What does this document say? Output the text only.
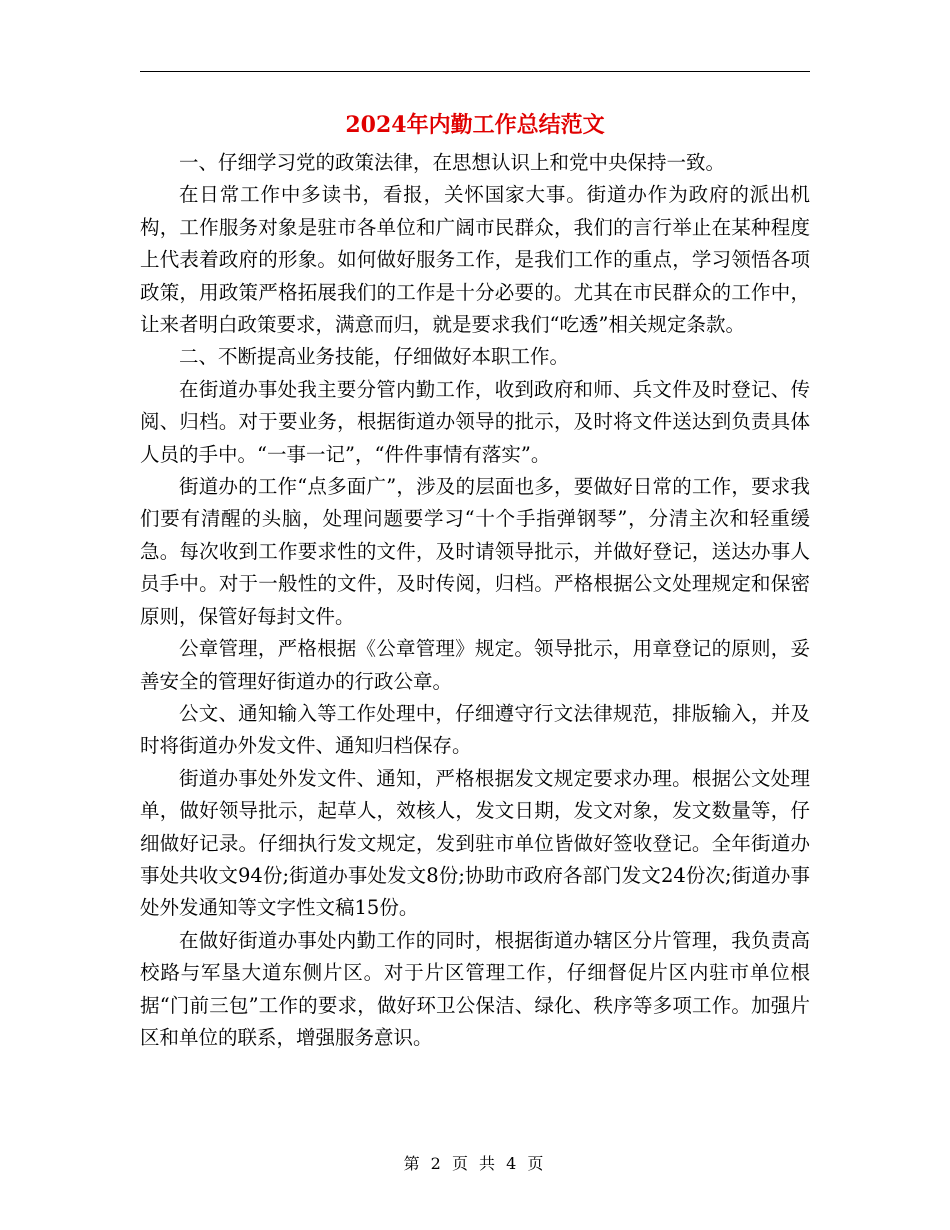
2024年内勤工作总结范文

一、仔细学习党的政策法律，在思想认识上和党中央保持一致。

在日常工作中多读书，看报，关怀国家大事。街道办作为政府的派出机构，工作服务对象是驻市各单位和广阔市民群众，我们的言行举止在某种程度上代表着政府的形象。如何做好服务工作，是我们工作的重点，学习领悟各项政策，用政策严格拓展我们的工作是十分必要的。尤其在市民群众的工作中，让来者明白政策要求，满意而归，就是要求我们“吃透”相关规定条款。

二、不断提高业务技能，仔细做好本职工作。

在街道办事处我主要分管内勤工作，收到政府和师、兵文件及时登记、传阅、归档。对于要业务，根据街道办领导的批示，及时将文件送达到负责具体人员的手中。“一事一记”，“件件事情有落实”。

街道办的工作“点多面广”，涉及的层面也多，要做好日常的工作，要求我们要有清醒的头脑，处理问题要学习“十个手指弹钢琴”，分清主次和轻重缓急。每次收到工作要求性的文件，及时请领导批示，并做好登记，送达办事人员手中。对于一般性的文件，及时传阅，归档。严格根据公文处理规定和保密原则，保管好每封文件。

公章管理，严格根据《公章管理》规定。领导批示，用章登记的原则，妥善安全的管理好街道办的行政公章。

公文、通知输入等工作处理中，仔细遵守行文法律规范，排版输入，并及时将街道办外发文件、通知归档保存。

街道办事处外发文件、通知，严格根据发文规定要求办理。根据公文处理单，做好领导批示，起草人，效核人，发文日期，发文对象，发文数量等，仔细做好记录。仔细执行发文规定，发到驻市单位皆做好签收登记。全年街道办事处共收文94份;街道办事处发文8份;协助市政府各部门发文24份次;街道办事处外发通知等文字性文稿15份。

在做好街道办事处内勤工作的同时，根据街道办辖区分片管理，我负责高校路与军垦大道东侧片区。对于片区管理工作，仔细督促片区内驻市单位根据“门前三包”工作的要求，做好环卫公保洁、绿化、秩序等多项工作。加强片区和单位的联系，增强服务意识。

第 2 页 共 4 页
